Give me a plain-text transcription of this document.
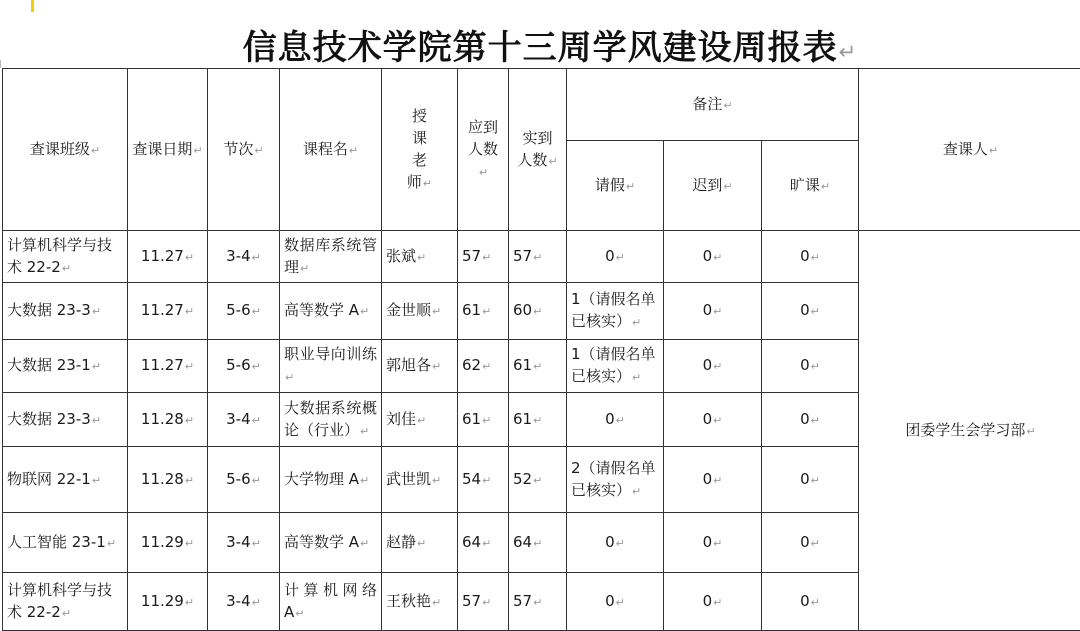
信息技术学院第十三周学风建设周报表↵
查课班级↵	查课日期↵	节次↵	课程名↵	授课老师↵	应到人数↵	实到人数↵	备注↵			查课人↵
							请假↵	迟到↵	旷课↵	
计算机科学与技术 22-2↵	11.27↵	3-4↵	数据库系统管理↵	张斌↵	57↵	57↵	0↵	0↵	0↵	团委学生会学习部↵
大数据 23-3↵	11.27↵	5-6↵	高等数学 A↵	金世顺↵	61↵	60↵	1（请假名单已核实）↵	0↵	0↵	
大数据 23-1↵	11.27↵	5-6↵	职业导向训练↵	郭旭各↵	62↵	61↵	1（请假名单已核实）↵	0↵	0↵	
大数据 23-3↵	11.28↵	3-4↵	大数据系统概论（行业）↵	刘佳↵	61↵	61↵	0↵	0↵	0↵	
物联网 22-1↵	11.28↵	5-6↵	大学物理 A↵	武世凯↵	54↵	52↵	2（请假名单已核实）↵	0↵	0↵	
人工智能 23-1↵	11.29↵	3-4↵	高等数学 A↵	赵静↵	64↵	64↵	0↵	0↵	0↵	
计算机科学与技术 22-2↵	11.29↵	3-4↵	计算机网络A↵	王秋艳↵	57↵	57↵	0↵	0↵	0↵	
